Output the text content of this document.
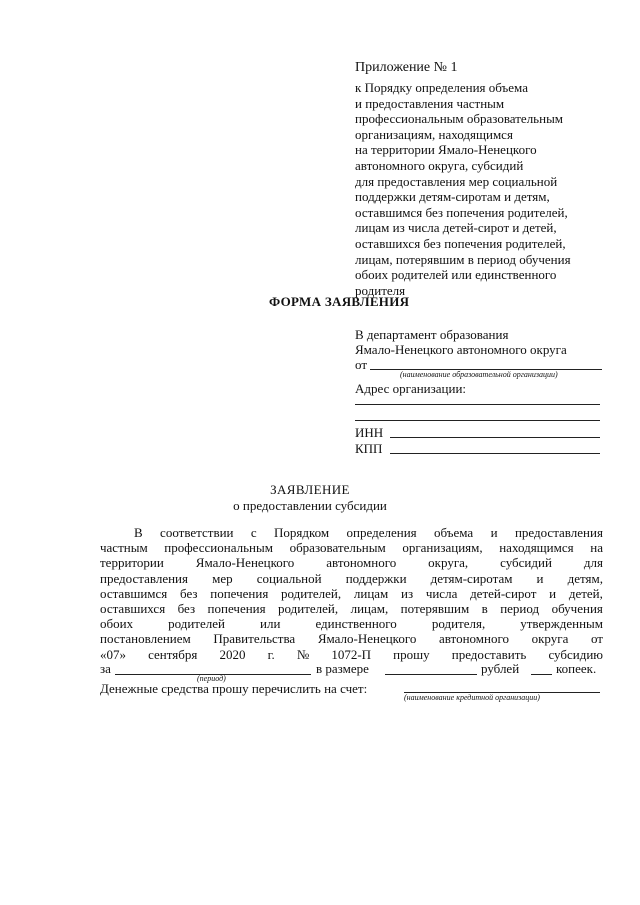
Приложение № 1
к Порядку определения объема
и предоставления частным
профессиональным образовательным
организациям, находящимся
на территории Ямало-Ненецкого
автономного округа, субсидий
для предоставления мер социальной
поддержки детям-сиротам и детям,
оставшимся без попечения родителей,
лицам из числа детей-сирот и детей,
оставшихся без попечения родителей,
лицам, потерявшим в период обучения
обоих родителей или единственного
родителя
ФОРМА ЗАЯВЛЕНИЯ
В департамент образования
Ямало-Ненецкого автономного округа
от
(наименование образовательной организации)
Адрес организации:
ИНН
КПП
ЗАЯВЛЕНИЕ
о предоставлении субсидии
В соответствии с Порядком определения объема и предоставления
частным профессиональным образовательным организациям, находящимся на
территории Ямало-Ненецкого автономного округа, субсидий для
предоставления мер социальной поддержки детям-сиротам и детям,
оставшимся без попечения родителей, лицам из числа детей-сирот и детей,
оставшихся без попечения родителей, лицам, потерявшим в период обучения
обоих	родителей	или	единственного	родителя,	утвержденным
постановлением Правительства Ямало-Ненецкого автономного округа от
«07» сентября 2020 г. № 1072-П прошу предоставить субсидию
за	в размере	рублей	копеек.
(период)
Денежные средства прошу перечислить на счет:
(наименование кредитной организации)
